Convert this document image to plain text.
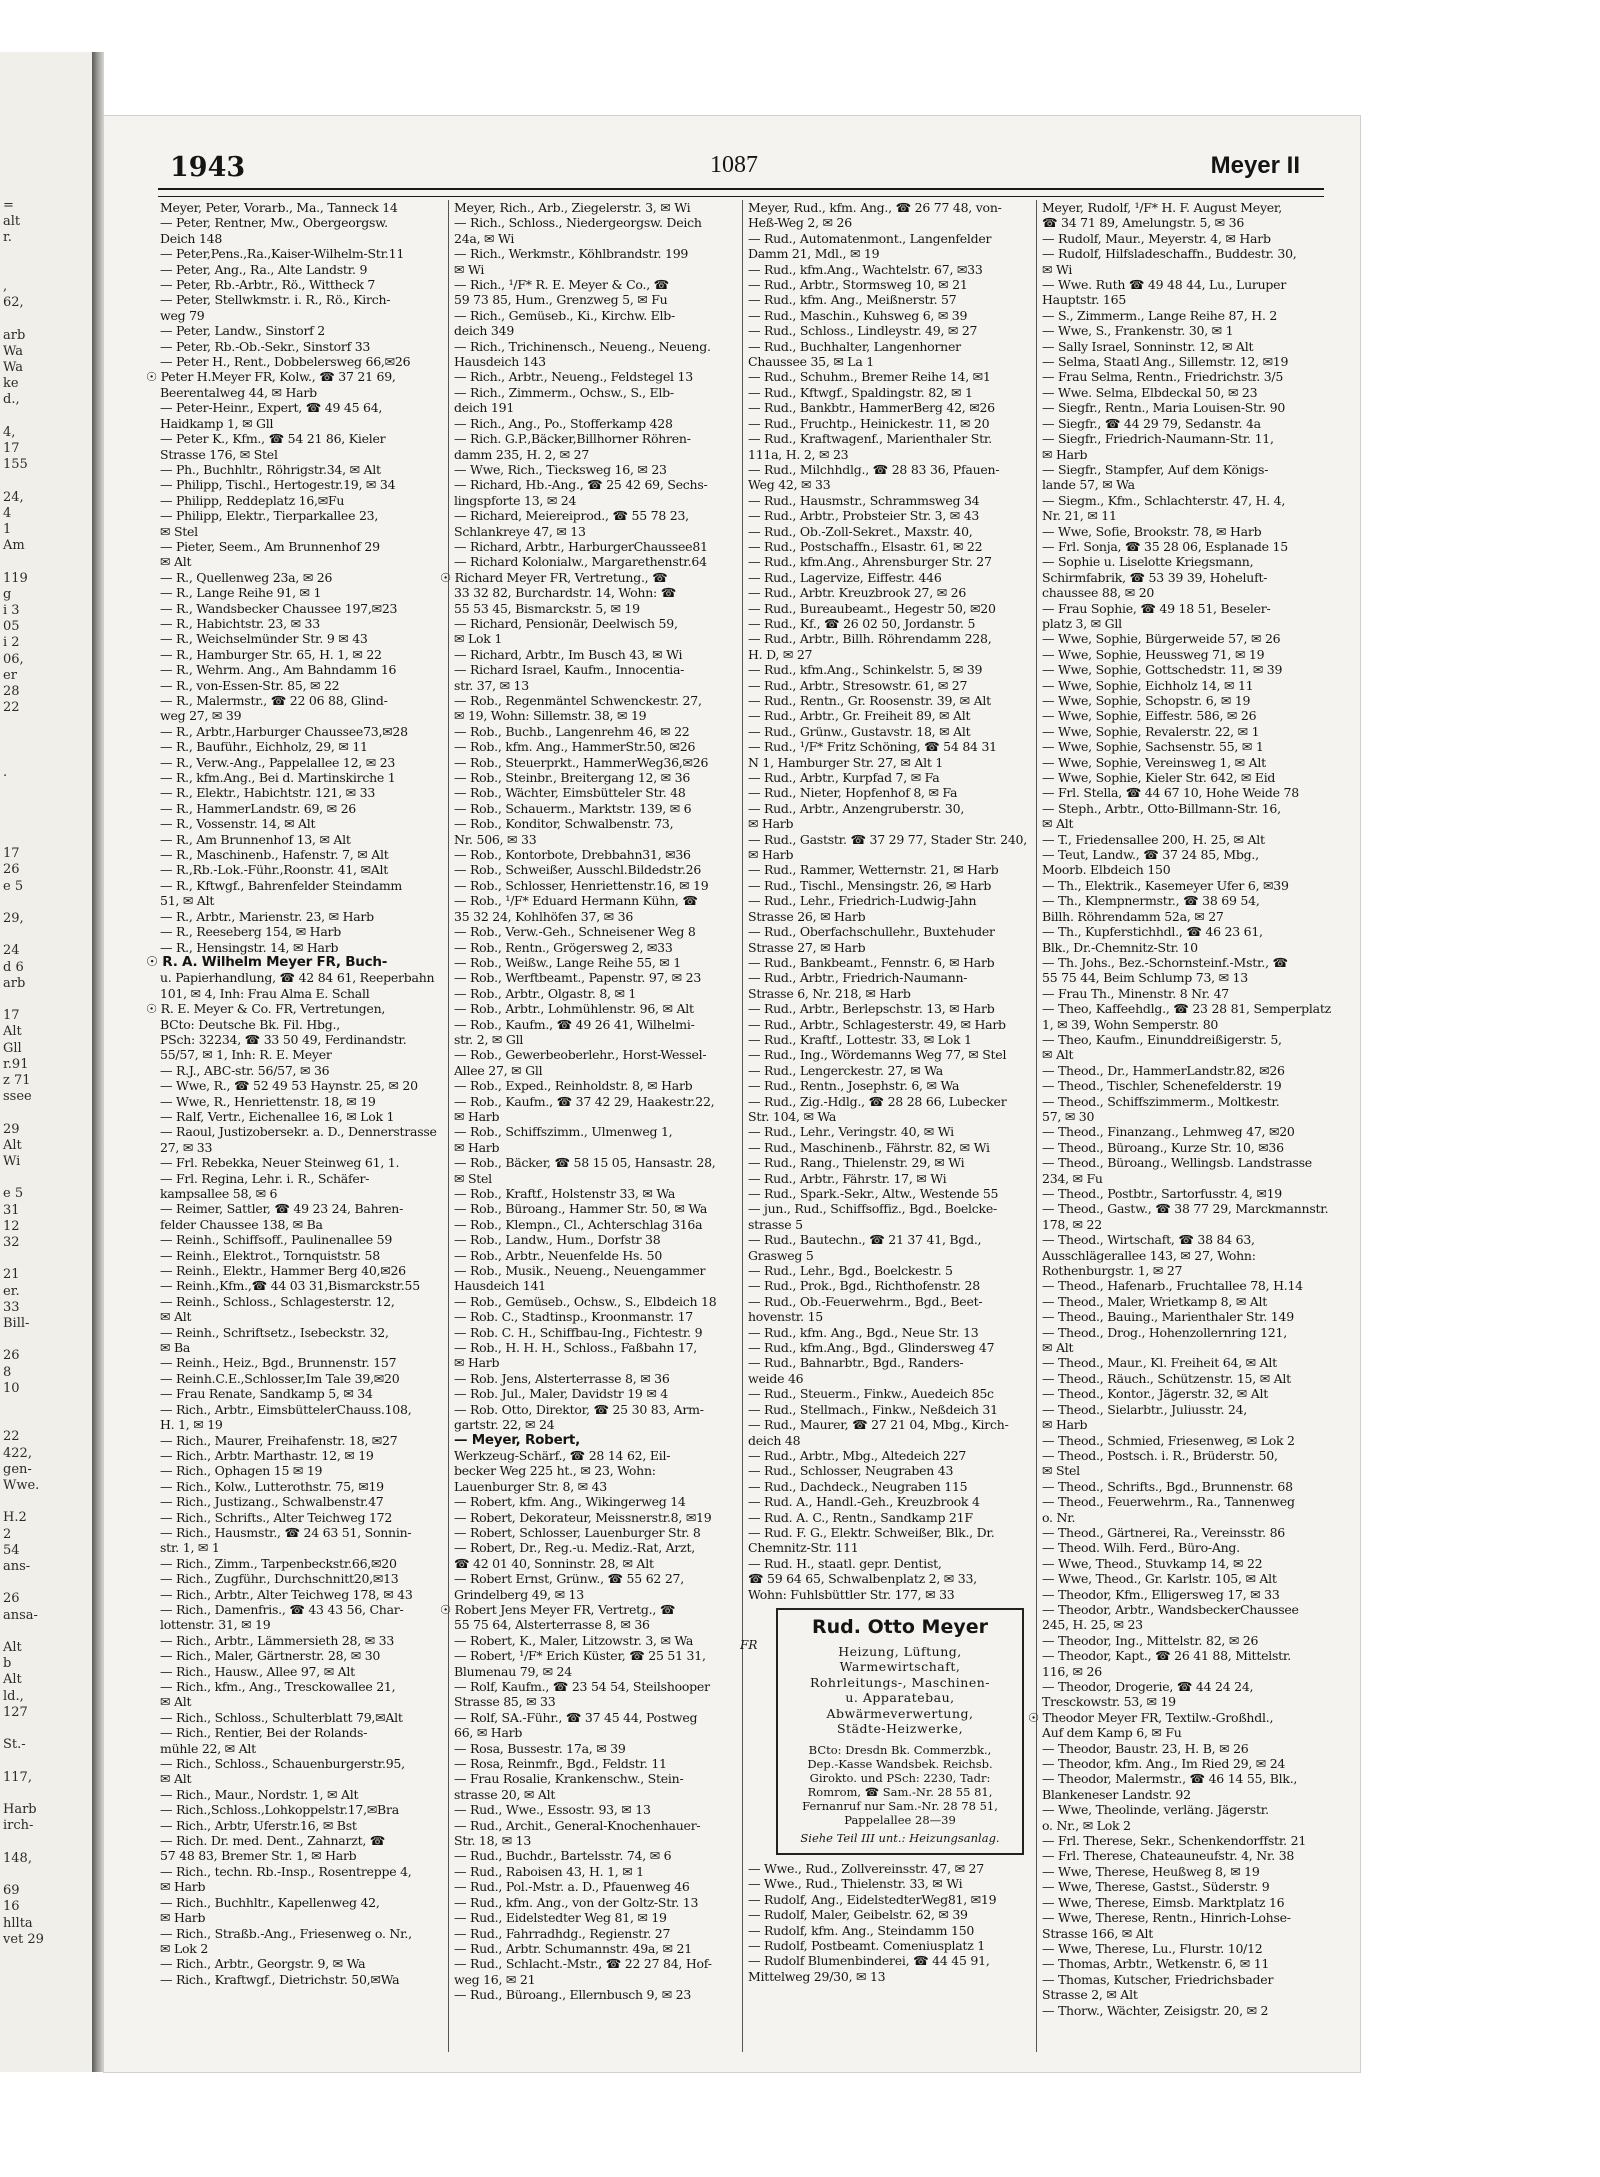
=
alt
r.

,
62,

arb
Wa
Wa
ke
d.,

4,
17
155

24,
4
1
Am

119
g
i 3
05
i 2
06,
er
28
22

.

17
26
e 5

29,

24
d 6
arb

17
Alt
Gll
r.91
z 71
ssee

29
Alt
Wi

e 5
31
12
32

21
er.
33
Bill-

26
8
10

22
422,
gen-
Wwe.

H.2
2
54
ans-

26
ansa-

Alt
b
Alt
ld.,
127

St.-

117,

Harb
irch-

148,

69
16
hllta
vet 29
1943	1087	Meyer II
Meyer, Peter, Vorarb., Ma., Tanneck 14
— Peter, Rentner, Mw., Obergeorgsw.
Deich 148
— Peter,Pens.,Ra.,Kaiser-Wilhelm-Str.11
— Peter, Ang., Ra., Alte Landstr. 9
— Peter, Rb.-Arbtr., Rö., Wittheck 7
— Peter, Stellwkmstr. i. R., Rö., Kirch-
weg 79
— Peter, Landw., Sinstorf 2
— Peter, Rb.-Ob.-Sekr., Sinstorf 33
— Peter H., Rent., Dobbelersweg 66,✉26
☉ Peter H.Meyer FR, Kolw., ☎ 37 21 69,
Beerentalweg 44, ✉ Harb
— Peter-Heinr., Expert, ☎ 49 45 64,
Haidkamp 1, ✉ Gll
— Peter K., Kfm., ☎ 54 21 86, Kieler
Strasse 176, ✉ Stel
— Ph., Buchhltr., Röhrigstr.34, ✉ Alt
— Philipp, Tischl., Hertogestr.19, ✉ 34
— Philipp, Reddeplatz 16,✉Fu
— Philipp, Elektr., Tierparkallee 23,
✉ Stel
— Pieter, Seem., Am Brunnenhof 29
✉ Alt
— R., Quellenweg 23a, ✉ 26
— R., Lange Reihe 91, ✉ 1
— R., Wandsbecker Chaussee 197,✉23
— R., Habichtstr. 23, ✉ 33
— R., Weichselmünder Str. 9 ✉ 43
— R., Hamburger Str. 65, H. 1, ✉ 22
— R., Wehrm. Ang., Am Bahndamm 16
— R., von-Essen-Str. 85, ✉ 22
— R., Malermstr., ☎ 22 06 88, Glind-
weg 27, ✉ 39
— R., Arbtr.,Harburger Chaussee73,✉28
— R., Bauführ., Eichholz, 29, ✉ 11
— R., Verw.-Ang., Pappelallee 12, ✉ 23
— R., kfm.Ang., Bei d. Martinskirche 1
— R., Elektr., Habichtstr. 121, ✉ 33
— R., HammerLandstr. 69, ✉ 26
— R., Vossenstr. 14, ✉ Alt
— R., Am Brunnenhof 13, ✉ Alt
— R., Maschinenb., Hafenstr. 7, ✉ Alt
— R.,Rb.-Lok.-Führ.,Roonstr. 41, ✉Alt
— R., Kftwgf., Bahrenfelder Steindamm
51, ✉ Alt
— R., Arbtr., Marienstr. 23, ✉ Harb
— R., Reeseberg 154, ✉ Harb
— R., Hensingstr. 14, ✉ Harb
☉ R. A. Wilhelm Meyer FR, Buch-
u. Papierhandlung, ☎ 42 84 61, Reeperbahn
101, ✉ 4, Inh: Frau Alma E. Schall
☉ R. E. Meyer & Co. FR, Vertretungen,
BCto: Deutsche Bk. Fil. Hbg.,
PSch: 32234, ☎ 33 50 49, Ferdinandstr.
55/57, ✉ 1, Inh: R. E. Meyer
— R.J., ABC-str. 56/57, ✉ 36
— Wwe, R., ☎ 52 49 53 Haynstr. 25, ✉ 20
— Wwe, R., Henriettenstr. 18, ✉ 19
— Ralf, Vertr., Eichenallee 16, ✉ Lok 1
— Raoul, Justizobersekr. a. D., Dennerstrasse
27, ✉ 33
— Frl. Rebekka, Neuer Steinweg 61, 1.
— Frl. Regina, Lehr. i. R., Schäfer-
kampsallee 58, ✉ 6
— Reimer, Sattler, ☎ 49 23 24, Bahren-
felder Chaussee 138, ✉ Ba
— Reinh., Schiffsoff., Paulinenallee 59
— Reinh., Elektrot., Tornquiststr. 58
— Reinh., Elektr., Hammer Berg 40,✉26
— Reinh.,Kfm.,☎ 44 03 31,Bismarckstr.55
— Reinh., Schloss., Schlagesterstr. 12,
✉ Alt
— Reinh., Schriftsetz., Isebeckstr. 32,
✉ Ba
— Reinh., Heiz., Bgd., Brunnenstr. 157
— Reinh.C.E.,Schlosser,Im Tale 39,✉20
— Frau Renate, Sandkamp 5, ✉ 34
— Rich., Arbtr., EimsbüttelerChauss.108,
H. 1, ✉ 19
— Rich., Maurer, Freihafenstr. 18, ✉27
— Rich., Arbtr. Marthastr. 12, ✉ 19
— Rich., Ophagen 15 ✉ 19
— Rich., Kolw., Lutterothstr. 75, ✉19
— Rich., Justizang., Schwalbenstr.47
— Rich., Schrifts., Alter Teichweg 172
— Rich., Hausmstr., ☎ 24 63 51, Sonnin-
str. 1, ✉ 1
— Rich., Zimm., Tarpenbeckstr.66,✉20
— Rich., Zugführ., Durchschnitt20,✉13
— Rich., Arbtr., Alter Teichweg 178, ✉ 43
— Rich., Damenfris., ☎ 43 43 56, Char-
lottenstr. 31, ✉ 19
— Rich., Arbtr., Lämmersieth 28, ✉ 33
— Rich., Maler, Gärtnerstr. 28, ✉ 30
— Rich., Hausw., Allee 97, ✉ Alt
— Rich., kfm., Ang., Tresckowallee 21,
✉ Alt
— Rich., Schloss., Schulterblatt 79,✉Alt
— Rich., Rentier, Bei der Rolands-
mühle 22, ✉ Alt
— Rich., Schloss., Schauenburgerstr.95,
✉ Alt
— Rich., Maur., Nordstr. 1, ✉ Alt
— Rich.,Schloss.,Lohkoppelstr.17,✉Bra
— Rich., Arbtr, Uferstr.16, ✉ Bst
— Rich. Dr. med. Dent., Zahnarzt, ☎
57 48 83, Bremer Str. 1, ✉ Harb
— Rich., techn. Rb.-Insp., Rosentreppe 4,
✉ Harb
— Rich., Buchhltr., Kapellenweg 42,
✉ Harb
— Rich., Straßb.-Ang., Friesenweg o. Nr.,
✉ Lok 2
— Rich., Arbtr., Georgstr. 9, ✉ Wa
— Rich., Kraftwgf., Dietrichstr. 50,✉Wa
Meyer, Rich., Arb., Ziegelerstr. 3, ✉ Wi
— Rich., Schloss., Niedergeorgsw. Deich
24a, ✉ Wi
— Rich., Werkmstr., Köhlbrandstr. 199
✉ Wi
— Rich., ¹/F* R. E. Meyer & Co., ☎
59 73 85, Hum., Grenzweg 5, ✉ Fu
— Rich., Gemüseb., Ki., Kirchw. Elb-
deich 349
— Rich., Trichinensch., Neueng., Neueng.
Hausdeich 143
— Rich., Arbtr., Neueng., Feldstegel 13
— Rich., Zimmerm., Ochsw., S., Elb-
deich 191
— Rich., Ang., Po., Stofferkamp 428
— Rich. G.P.,Bäcker,Billhorner Röhren-
damm 235, H. 2, ✉ 27
— Wwe, Rich., Tiecksweg 16, ✉ 23
— Richard, Hb.-Ang., ☎ 25 42 69, Sechs-
lingspforte 13, ✉ 24
— Richard, Meiereiprod., ☎ 55 78 23,
Schlankreye 47, ✉ 13
— Richard, Arbtr., HarburgerChaussee81
— Richard Kolonialw., Margarethenstr.64
☉ Richard Meyer FR, Vertretung., ☎
33 32 82, Burchardstr. 14, Wohn: ☎
55 53 45, Bismarckstr. 5, ✉ 19
— Richard, Pensionär, Deelwisch 59,
✉ Lok 1
— Richard, Arbtr., Im Busch 43, ✉ Wi
— Richard Israel, Kaufm., Innocentia-
str. 37, ✉ 13
— Rob., Regenmäntel Schwenckestr. 27,
✉ 19, Wohn: Sillemstr. 38, ✉ 19
— Rob., Buchb., Langenrehm 46, ✉ 22
— Rob., kfm. Ang., HammerStr.50, ✉26
— Rob., Steuerprkt., HammerWeg36,✉26
— Rob., Steinbr., Breitergang 12, ✉ 36
— Rob., Wächter, Eimsbütteler Str. 48
— Rob., Schauerm., Marktstr. 139, ✉ 6
— Rob., Konditor, Schwalbenstr. 73,
Nr. 506, ✉ 33
— Rob., Kontorbote, Drebbahn31, ✉36
— Rob., Schweißer, Ausschl.Bildedstr.26
— Rob., Schlosser, Henriettenstr.16, ✉ 19
— Rob., ¹/F* Eduard Hermann Kühn, ☎
35 32 24, Kohlhöfen 37, ✉ 36
— Rob., Verw.-Geh., Schneisener Weg 8
— Rob., Rentn., Grögersweg 2, ✉33
— Rob., Weißw., Lange Reihe 55, ✉ 1
— Rob., Werftbeamt., Papenstr. 97, ✉ 23
— Rob., Arbtr., Olgastr. 8, ✉ 1
— Rob., Arbtr., Lohmühlenstr. 96, ✉ Alt
— Rob., Kaufm., ☎ 49 26 41, Wilhelmi-
str. 2, ✉ Gll
— Rob., Gewerbeoberlehr., Horst-Wessel-
Allee 27, ✉ Gll
— Rob., Exped., Reinholdstr. 8, ✉ Harb
— Rob., Kaufm., ☎ 37 42 29, Haakestr.22,
✉ Harb
— Rob., Schiffszimm., Ulmenweg 1,
✉ Harb
— Rob., Bäcker, ☎ 58 15 05, Hansastr. 28,
✉ Stel
— Rob., Kraftf., Holstenstr 33, ✉ Wa
— Rob., Büroang., Hammer Str. 50, ✉ Wa
— Rob., Klempn., Cl., Achterschlag 316a
— Rob., Landw., Hum., Dorfstr 38
— Rob., Arbtr., Neuenfelde Hs. 50
— Rob., Musik., Neueng., Neuengammer
Hausdeich 141
— Rob., Gemüseb., Ochsw., S., Elbdeich 18
— Rob. C., Stadtinsp., Kroonmanstr. 17
— Rob. C. H., Schiffbau-Ing., Fichtestr. 9
— Rob., H. H. H., Schloss., Faßbahn 17,
✉ Harb
— Rob. Jens, Alsterterrasse 8, ✉ 36
— Rob. Jul., Maler, Davidstr 19 ✉ 4
— Rob. Otto, Direktor, ☎ 25 30 83, Arm-
gartstr. 22, ✉ 24
— Meyer, Robert,
Werkzeug-Schärf., ☎ 28 14 62, Eil-
becker Weg 225 ht., ✉ 23, Wohn:
Lauenburger Str. 8, ✉ 43
— Robert, kfm. Ang., Wikingerweg 14
— Robert, Dekorateur, Meissnerstr.8, ✉19
— Robert, Schlosser, Lauenburger Str. 8
— Robert, Dr., Reg.-u. Mediz.-Rat, Arzt,
☎ 42 01 40, Sonninstr. 28, ✉ Alt
— Robert Ernst, Grünw., ☎ 55 62 27,
Grindelberg 49, ✉ 13
☉ Robert Jens Meyer FR, Vertretg., ☎
55 75 64, Alsterterrasse 8, ✉ 36
— Robert, K., Maler, Litzowstr. 3, ✉ Wa
— Robert, ¹/F* Erich Küster, ☎ 25 51 31,
Blumenau 79, ✉ 24
— Rolf, Kaufm., ☎ 23 54 54, Steilshooper
Strasse 85, ✉ 33
— Rolf, SA.-Führ., ☎ 37 45 44, Postweg
66, ✉ Harb
— Rosa, Bussestr. 17a, ✉ 39
— Rosa, Reinmfr., Bgd., Feldstr. 11
— Frau Rosalie, Krankenschw., Stein-
strasse 20, ✉ Alt
— Rud., Wwe., Essostr. 93, ✉ 13
— Rud., Archit., General-Knochenhauer-
Str. 18, ✉ 13
— Rud., Buchdr., Bartelsstr. 74, ✉ 6
— Rud., Raboisen 43, H. 1, ✉ 1
— Rud., Pol.-Mstr. a. D., Pfauenweg 46
— Rud., kfm. Ang., von der Goltz-Str. 13
— Rud., Eidelstedter Weg 81, ✉ 19
— Rud., Fahrradhdg., Regienstr. 27
— Rud., Arbtr. Schumannstr. 49a, ✉ 21
— Rud., Schlacht.-Mstr., ☎ 22 27 84, Hof-
weg 16, ✉ 21
— Rud., Büroang., Ellernbusch 9, ✉ 23
Meyer, Rud., kfm. Ang., ☎ 26 77 48, von-
Heß-Weg 2, ✉ 26
— Rud., Automatenmont., Langenfelder
Damm 21, Mdl., ✉ 19
— Rud., kfm.Ang., Wachtelstr. 67, ✉33
— Rud., Arbtr., Stormsweg 10, ✉ 21
— Rud., kfm. Ang., Meißnerstr. 57
— Rud., Maschin., Kuhsweg 6, ✉ 39
— Rud., Schloss., Lindleystr. 49, ✉ 27
— Rud., Buchhalter, Langenhorner
Chaussee 35, ✉ La 1
— Rud., Schuhm., Bremer Reihe 14, ✉1
— Rud., Kftwgf., Spaldingstr. 82, ✉ 1
— Rud., Bankbtr., HammerBerg 42, ✉26
— Rud., Fruchtp., Heinickestr. 11, ✉ 20
— Rud., Kraftwagenf., Marienthaler Str.
111a, H. 2, ✉ 23
— Rud., Milchhdlg., ☎ 28 83 36, Pfauen-
Weg 42, ✉ 33
— Rud., Hausmstr., Schrammsweg 34
— Rud., Arbtr., Probsteier Str. 3, ✉ 43
— Rud., Ob.-Zoll-Sekret., Maxstr. 40,
— Rud., Postschaffn., Elsastr. 61, ✉ 22
— Rud., kfm.Ang., Ahrensburger Str. 27
— Rud., Lagervize, Eiffestr. 446
— Rud., Arbtr. Kreuzbrook 27, ✉ 26
— Rud., Bureaubeamt., Hegestr 50, ✉20
— Rud., Kf., ☎ 26 02 50, Jordanstr. 5
— Rud., Arbtr., Billh. Röhrendamm 228,
H. D, ✉ 27
— Rud., kfm.Ang., Schinkelstr. 5, ✉ 39
— Rud., Arbtr., Stresowstr. 61, ✉ 27
— Rud., Rentn., Gr. Roosenstr. 39, ✉ Alt
— Rud., Arbtr., Gr. Freiheit 89, ✉ Alt
— Rud., Grünw., Gustavstr. 18, ✉ Alt
— Rud., ¹/F* Fritz Schöning, ☎ 54 84 31
N 1, Hamburger Str. 27, ✉ Alt 1
— Rud., Arbtr., Kurpfad 7, ✉ Fa
— Rud., Nieter, Hopfenhof 8, ✉ Fa
— Rud., Arbtr., Anzengruberstr. 30,
✉ Harb
— Rud., Gaststr. ☎ 37 29 77, Stader Str. 240,
✉ Harb
— Rud., Rammer, Wetternstr. 21, ✉ Harb
— Rud., Tischl., Mensingstr. 26, ✉ Harb
— Rud., Lehr., Friedrich-Ludwig-Jahn
Strasse 26, ✉ Harb
— Rud., Oberfachschullehr., Buxtehuder
Strasse 27, ✉ Harb
— Rud., Bankbeamt., Fennstr. 6, ✉ Harb
— Rud., Arbtr., Friedrich-Naumann-
Strasse 6, Nr. 218, ✉ Harb
— Rud., Arbtr., Berlepschstr. 13, ✉ Harb
— Rud., Arbtr., Schlagesterstr. 49, ✉ Harb
— Rud., Kraftf., Lottestr. 33, ✉ Lok 1
— Rud., Ing., Wördemanns Weg 77, ✉ Stel
— Rud., Lengerckestr. 27, ✉ Wa
— Rud., Rentn., Josephstr. 6, ✉ Wa
— Rud., Zig.-Hdlg., ☎ 28 28 66, Lubecker
Str. 104, ✉ Wa
— Rud., Lehr., Veringstr. 40, ✉ Wi
— Rud., Maschinenb., Fährstr. 82, ✉ Wi
— Rud., Rang., Thielenstr. 29, ✉ Wi
— Rud., Arbtr., Fährstr. 17, ✉ Wi
— Rud., Spark.-Sekr., Altw., Westende 55
— jun., Rud., Schiffsoffiz., Bgd., Boelcke-
strasse 5
— Rud., Bautechn., ☎ 21 37 41, Bgd.,
Grasweg 5
— Rud., Lehr., Bgd., Boelckestr. 5
— Rud., Prok., Bgd., Richthofenstr. 28
— Rud., Ob.-Feuerwehrm., Bgd., Beet-
hovenstr. 15
— Rud., kfm. Ang., Bgd., Neue Str. 13
— Rud., kfm.Ang., Bgd., Glindersweg 47
— Rud., Bahnarbtr., Bgd., Randers-
weide 46
— Rud., Steuerm., Finkw., Auedeich 85c
— Rud., Stellmach., Finkw., Neßdeich 31
— Rud., Maurer, ☎ 27 21 04, Mbg., Kirch-
deich 48
— Rud., Arbtr., Mbg., Altedeich 227
— Rud., Schlosser, Neugraben 43
— Rud., Dachdeck., Neugraben 115
— Rud. A., Handl.-Geh., Kreuzbrook 4
— Rud. A. C., Rentn., Sandkamp 21F
— Rud. F. G., Elektr. Schweißer, Blk., Dr.
Chemnitz-Str. 111
— Rud. H., staatl. gepr. Dentist,
☎ 59 64 65, Schwalbenplatz 2, ✉ 33,
Wohn: Fuhlsbüttler Str. 177, ✉ 33
FR
Rud. Otto Meyer
Heizung, Lüftung,
Warmewirtschaft,
Rohrleitungs-, Maschinen-
u. Apparatebau,
Abwärmeverwertung,
Städte-Heizwerke,
BCto: Dresdn Bk. Commerzbk.,
Dep.-Kasse Wandsbek. Reichsb.
Girokto. und PSch: 2230, Tadr:
Romrom, ☎ Sam.-Nr. 28 55 81,
Fernanruf nur Sam.-Nr. 28 78 51,
Pappelallee 28—39
Siehe Teil III unt.: Heizungsanlag.
— Wwe., Rud., Zollvereinsstr. 47, ✉ 27
— Wwe., Rud., Thielenstr. 33, ✉ Wi
— Rudolf, Ang., EidelstedterWeg81, ✉19
— Rudolf, Maler, Geibelstr. 62, ✉ 39
— Rudolf, kfm. Ang., Steindamm 150
— Rudolf, Postbeamt. Comeniusplatz 1
— Rudolf Blumenbinderei, ☎ 44 45 91,
Mittelweg 29/30, ✉ 13
Meyer, Rudolf, ¹/F* H. F. August Meyer,
☎ 34 71 89, Amelungstr. 5, ✉ 36
— Rudolf, Maur., Meyerstr. 4, ✉ Harb
— Rudolf, Hilfsladeschaffn., Buddestr. 30,
✉ Wi
— Wwe. Ruth ☎ 49 48 44, Lu., Luruper
Hauptstr. 165
— S., Zimmerm., Lange Reihe 87, H. 2
— Wwe, S., Frankenstr. 30, ✉ 1
— Sally Israel, Sonninstr. 12, ✉ Alt
— Selma, Staatl Ang., Sillemstr. 12, ✉19
— Frau Selma, Rentn., Friedrichstr. 3/5
— Wwe. Selma, Elbdeckal 50, ✉ 23
— Siegfr., Rentn., Maria Louisen-Str. 90
— Siegfr., ☎ 44 29 79, Sedanstr. 4a
— Siegfr., Friedrich-Naumann-Str. 11,
✉ Harb
— Siegfr., Stampfer, Auf dem Königs-
lande 57, ✉ Wa
— Siegm., Kfm., Schlachterstr. 47, H. 4,
Nr. 21, ✉ 11
— Wwe, Sofie, Brookstr. 78, ✉ Harb
— Frl. Sonja, ☎ 35 28 06, Esplanade 15
— Sophie u. Liselotte Kriegsmann,
Schirmfabrik, ☎ 53 39 39, Hoheluft-
chaussee 88, ✉ 20
— Frau Sophie, ☎ 49 18 51, Beseler-
platz 3, ✉ Gll
— Wwe, Sophie, Bürgerweide 57, ✉ 26
— Wwe, Sophie, Heussweg 71, ✉ 19
— Wwe, Sophie, Gottschedstr. 11, ✉ 39
— Wwe, Sophie, Eichholz 14, ✉ 11
— Wwe, Sophie, Schopstr. 6, ✉ 19
— Wwe, Sophie, Eiffestr. 586, ✉ 26
— Wwe, Sophie, Revalerstr. 22, ✉ 1
— Wwe, Sophie, Sachsenstr. 55, ✉ 1
— Wwe, Sophie, Vereinsweg 1, ✉ Alt
— Wwe, Sophie, Kieler Str. 642, ✉ Eid
— Frl. Stella, ☎ 44 67 10, Hohe Weide 78
— Steph., Arbtr., Otto-Billmann-Str. 16,
✉ Alt
— T., Friedensallee 200, H. 25, ✉ Alt
— Teut, Landw., ☎ 37 24 85, Mbg.,
Moorb. Elbdeich 150
— Th., Elektrik., Kasemeyer Ufer 6, ✉39
— Th., Klempnermstr., ☎ 38 69 54,
Billh. Röhrendamm 52a, ✉ 27
— Th., Kupferstichhdl., ☎ 46 23 61,
Blk., Dr.-Chemnitz-Str. 10
— Th. Johs., Bez.-Schornsteinf.-Mstr., ☎
55 75 44, Beim Schlump 73, ✉ 13
— Frau Th., Minenstr. 8 Nr. 47
— Theo, Kaffeehdlg., ☎ 23 28 81, Semperplatz
1, ✉ 39, Wohn Semperstr. 80
— Theo, Kaufm., Einunddreißigerstr. 5,
✉ Alt
— Theod., Dr., HammerLandstr.82, ✉26
— Theod., Tischler, Schenefelderstr. 19
— Theod., Schiffszimmerm., Moltkestr.
57, ✉ 30
— Theod., Finanzang., Lehmweg 47, ✉20
— Theod., Büroang., Kurze Str. 10, ✉36
— Theod., Büroang., Wellingsb. Landstrasse
234, ✉ Fu
— Theod., Postbtr., Sartorfusstr. 4, ✉19
— Theod., Gastw., ☎ 38 77 29, Marckmannstr.
178, ✉ 22
— Theod., Wirtschaft, ☎ 38 84 63,
Ausschlägerallee 143, ✉ 27, Wohn:
Rothenburgstr. 1, ✉ 27
— Theod., Hafenarb., Fruchtallee 78, H.14
— Theod., Maler, Wrietkamp 8, ✉ Alt
— Theod., Bauing., Marienthaler Str. 149
— Theod., Drog., Hohenzollernring 121,
✉ Alt
— Theod., Maur., Kl. Freiheit 64, ✉ Alt
— Theod., Räuch., Schützenstr. 15, ✉ Alt
— Theod., Kontor., Jägerstr. 32, ✉ Alt
— Theod., Sielarbtr., Juliusstr. 24,
✉ Harb
— Theod., Schmied, Friesenweg, ✉ Lok 2
— Theod., Postsch. i. R., Brüderstr. 50,
✉ Stel
— Theod., Schrifts., Bgd., Brunnenstr. 68
— Theod., Feuerwehrm., Ra., Tannenweg
o. Nr.
— Theod., Gärtnerei, Ra., Vereinsstr. 86
— Theod. Wilh. Ferd., Büro-Ang.
— Wwe, Theod., Stuvkamp 14, ✉ 22
— Wwe, Theod., Gr. Karlstr. 105, ✉ Alt
— Theodor, Kfm., Elligersweg 17, ✉ 33
— Theodor, Arbtr., WandsbeckerChaussee
245, H. 25, ✉ 23
— Theodor, Ing., Mittelstr. 82, ✉ 26
— Theodor, Kapt., ☎ 26 41 88, Mittelstr.
116, ✉ 26
— Theodor, Drogerie, ☎ 44 24 24,
Tresckowstr. 53, ✉ 19
☉ Theodor Meyer FR, Textilw.-Großhdl.,
Auf dem Kamp 6, ✉ Fu
— Theodor, Baustr. 23, H. B, ✉ 26
— Theodor, kfm. Ang., Im Ried 29, ✉ 24
— Theodor, Malermstr., ☎ 46 14 55, Blk.,
Blankeneser Landstr. 92
— Wwe, Theolinde, verläng. Jägerstr.
o. Nr., ✉ Lok 2
— Frl. Therese, Sekr., Schenkendorffstr. 21
— Frl. Therese, Chateauneufstr. 4, Nr. 38
— Wwe, Therese, Heußweg 8, ✉ 19
— Wwe, Therese, Gastst., Süderstr. 9
— Wwe, Therese, Eimsb. Marktplatz 16
— Wwe, Therese, Rentn., Hinrich-Lohse-
Strasse 166, ✉ Alt
— Wwe, Therese, Lu., Flurstr. 10/12
— Thomas, Arbtr., Wetkenstr. 6, ✉ 11
— Thomas, Kutscher, Friedrichsbader
Strasse 2, ✉ Alt
— Thorw., Wächter, Zeisigstr. 20, ✉ 2
